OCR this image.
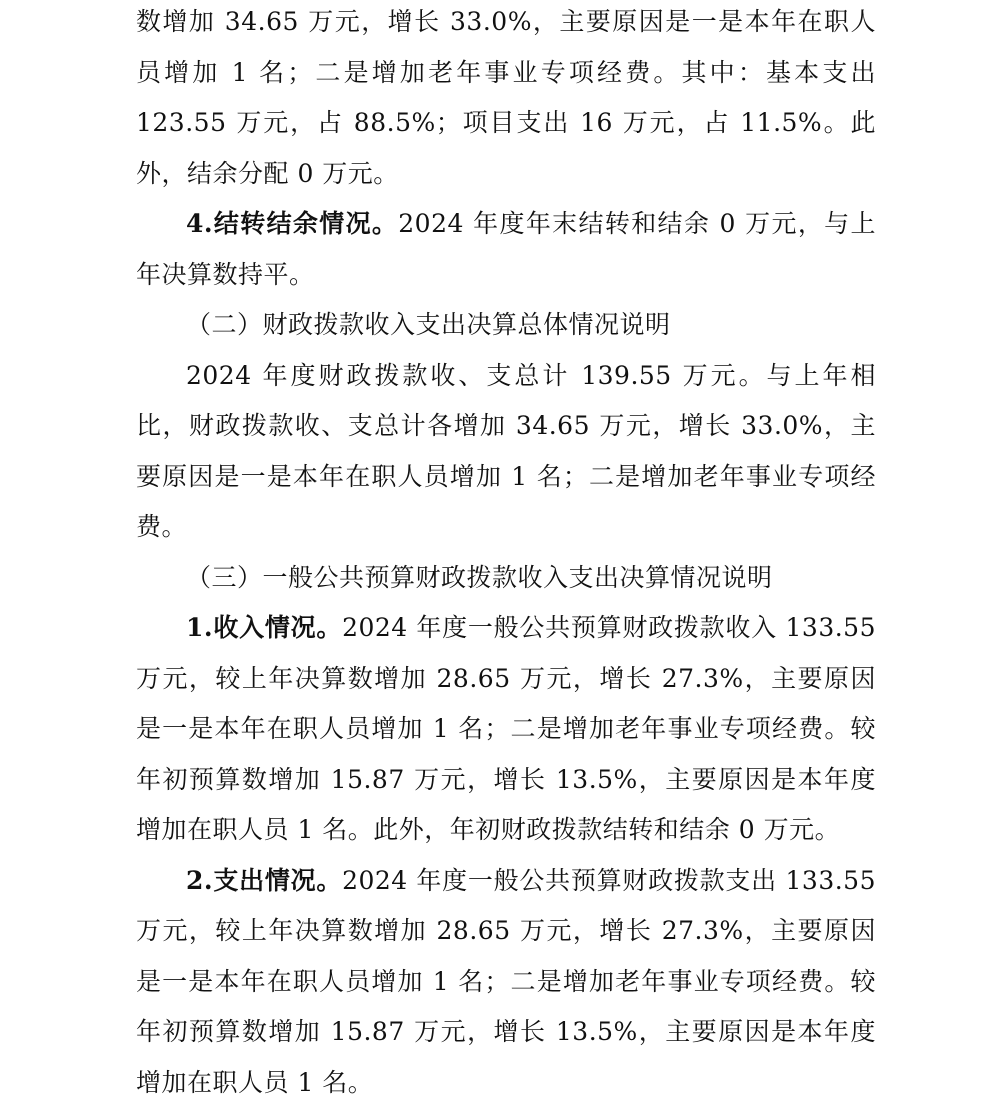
数增加 34.65 万元，增长 33.0%，主要原因是一是本年在职人员增加 1 名；二是增加老年事业专项经费。其中：基本支出 123.55 万元，占 88.5%；项目支出 16 万元，占 11.5%。此外，结余分配 0 万元。

4.结转结余情况。2024 年度年末结转和结余 0 万元，与上年决算数持平。

（二）财政拨款收入支出决算总体情况说明

2024 年度财政拨款收、支总计 139.55 万元。与上年相比，财政拨款收、支总计各增加 34.65 万元，增长 33.0%，主要原因是一是本年在职人员增加 1 名；二是增加老年事业专项经费。

（三）一般公共预算财政拨款收入支出决算情况说明

1.收入情况。2024 年度一般公共预算财政拨款收入 133.55 万元，较上年决算数增加 28.65 万元，增长 27.3%，主要原因是一是本年在职人员增加 1 名；二是增加老年事业专项经费。较年初预算数增加 15.87 万元，增长 13.5%，主要原因是本年度增加在职人员 1 名。此外，年初财政拨款结转和结余 0 万元。

2.支出情况。2024 年度一般公共预算财政拨款支出 133.55 万元，较上年决算数增加 28.65 万元，增长 27.3%，主要原因是一是本年在职人员增加 1 名；二是增加老年事业专项经费。较年初预算数增加 15.87 万元，增长 13.5%，主要原因是本年度增加在职人员 1 名。
